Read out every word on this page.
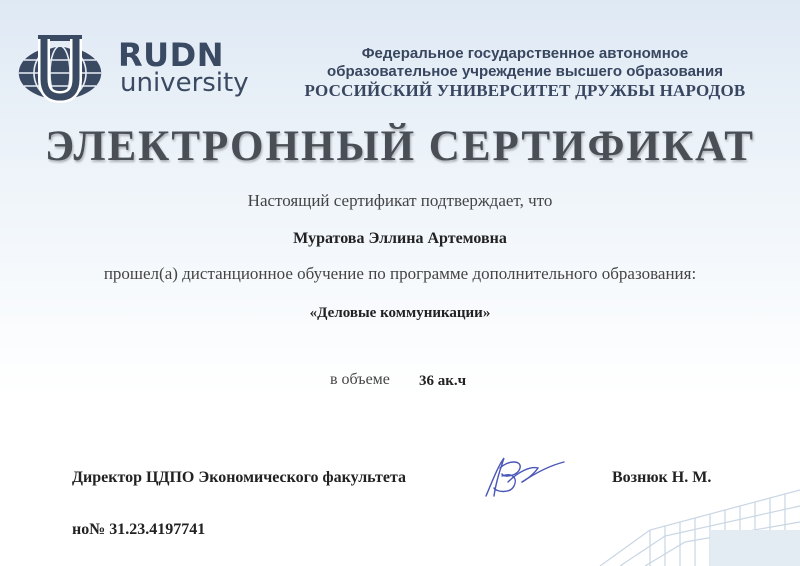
RUDN
university
Федеральное государственное автономное
образовательное учреждение высшего образования
РОССИЙСКИЙ УНИВЕРСИТЕТ ДРУЖБЫ НАРОДОВ
ЭЛЕКТРОННЫЙ СЕРТИФИКАТ
Настоящий сертификат подтверждает, что
Муратова Эллина Артемовна
прошел(а) дистанционное обучение по программе дополнительного образования:
«Деловые коммуникации»
в объеме 36 ак.ч
Директор ЦДПО Экономического факультета	Вознюк Н. М.
но№ 31.23.4197741
